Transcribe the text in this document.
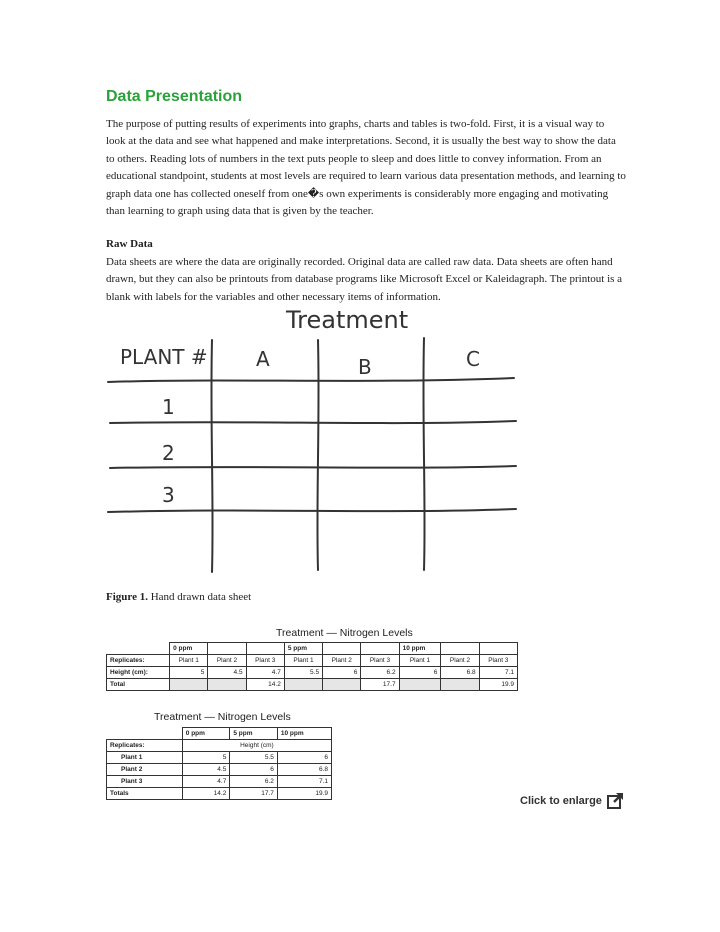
Data Presentation

The purpose of putting results of experiments into graphs, charts and tables is two-fold. First, it is a visual way to look at the data and see what happened and make interpretations. Second, it is usually the best way to show the data to others. Reading lots of numbers in the text puts people to sleep and does little to convey information. From an educational standpoint, students at most levels are required to learn various data presentation methods, and learning to graph data one has collected oneself from one�s own experiments is considerably more engaging and motivating than learning to graph using data that is given by the teacher.

Raw Data

Data sheets are where the data are originally recorded. Original data are called raw data. Data sheets are often hand drawn, but they can also be printouts from database programs like Microsoft Excel or Kaleidagraph. The printout is a blank with labels for the variables and other necessary items of information.

Treatment
PLANT # A	B	C
1
2
3

Figure 1. Hand drawn data sheet

Treatment — Nitrogen Levels
	0 ppm			5 ppm			10 ppm		
Replicates:	Plant 1	Plant 2	Plant 3	Plant 1	Plant 2	Plant 3	Plant 1	Plant 2	Plant 3
Height (cm):	5	4.5	4.7	5.5	6	6.2	6	6.8	7.1
Total			14.2			17.7			19.9
Treatment — Nitrogen Levels
	0 ppm	5 ppm	10 ppm
Replicates:	Height (cm)		
Plant 1	5	5.5	6
Plant 2	4.5	6	6.8
Plant 3	4.7	6.2	7.1
Totals	14.2	17.7	19.9
Click to enlarge
